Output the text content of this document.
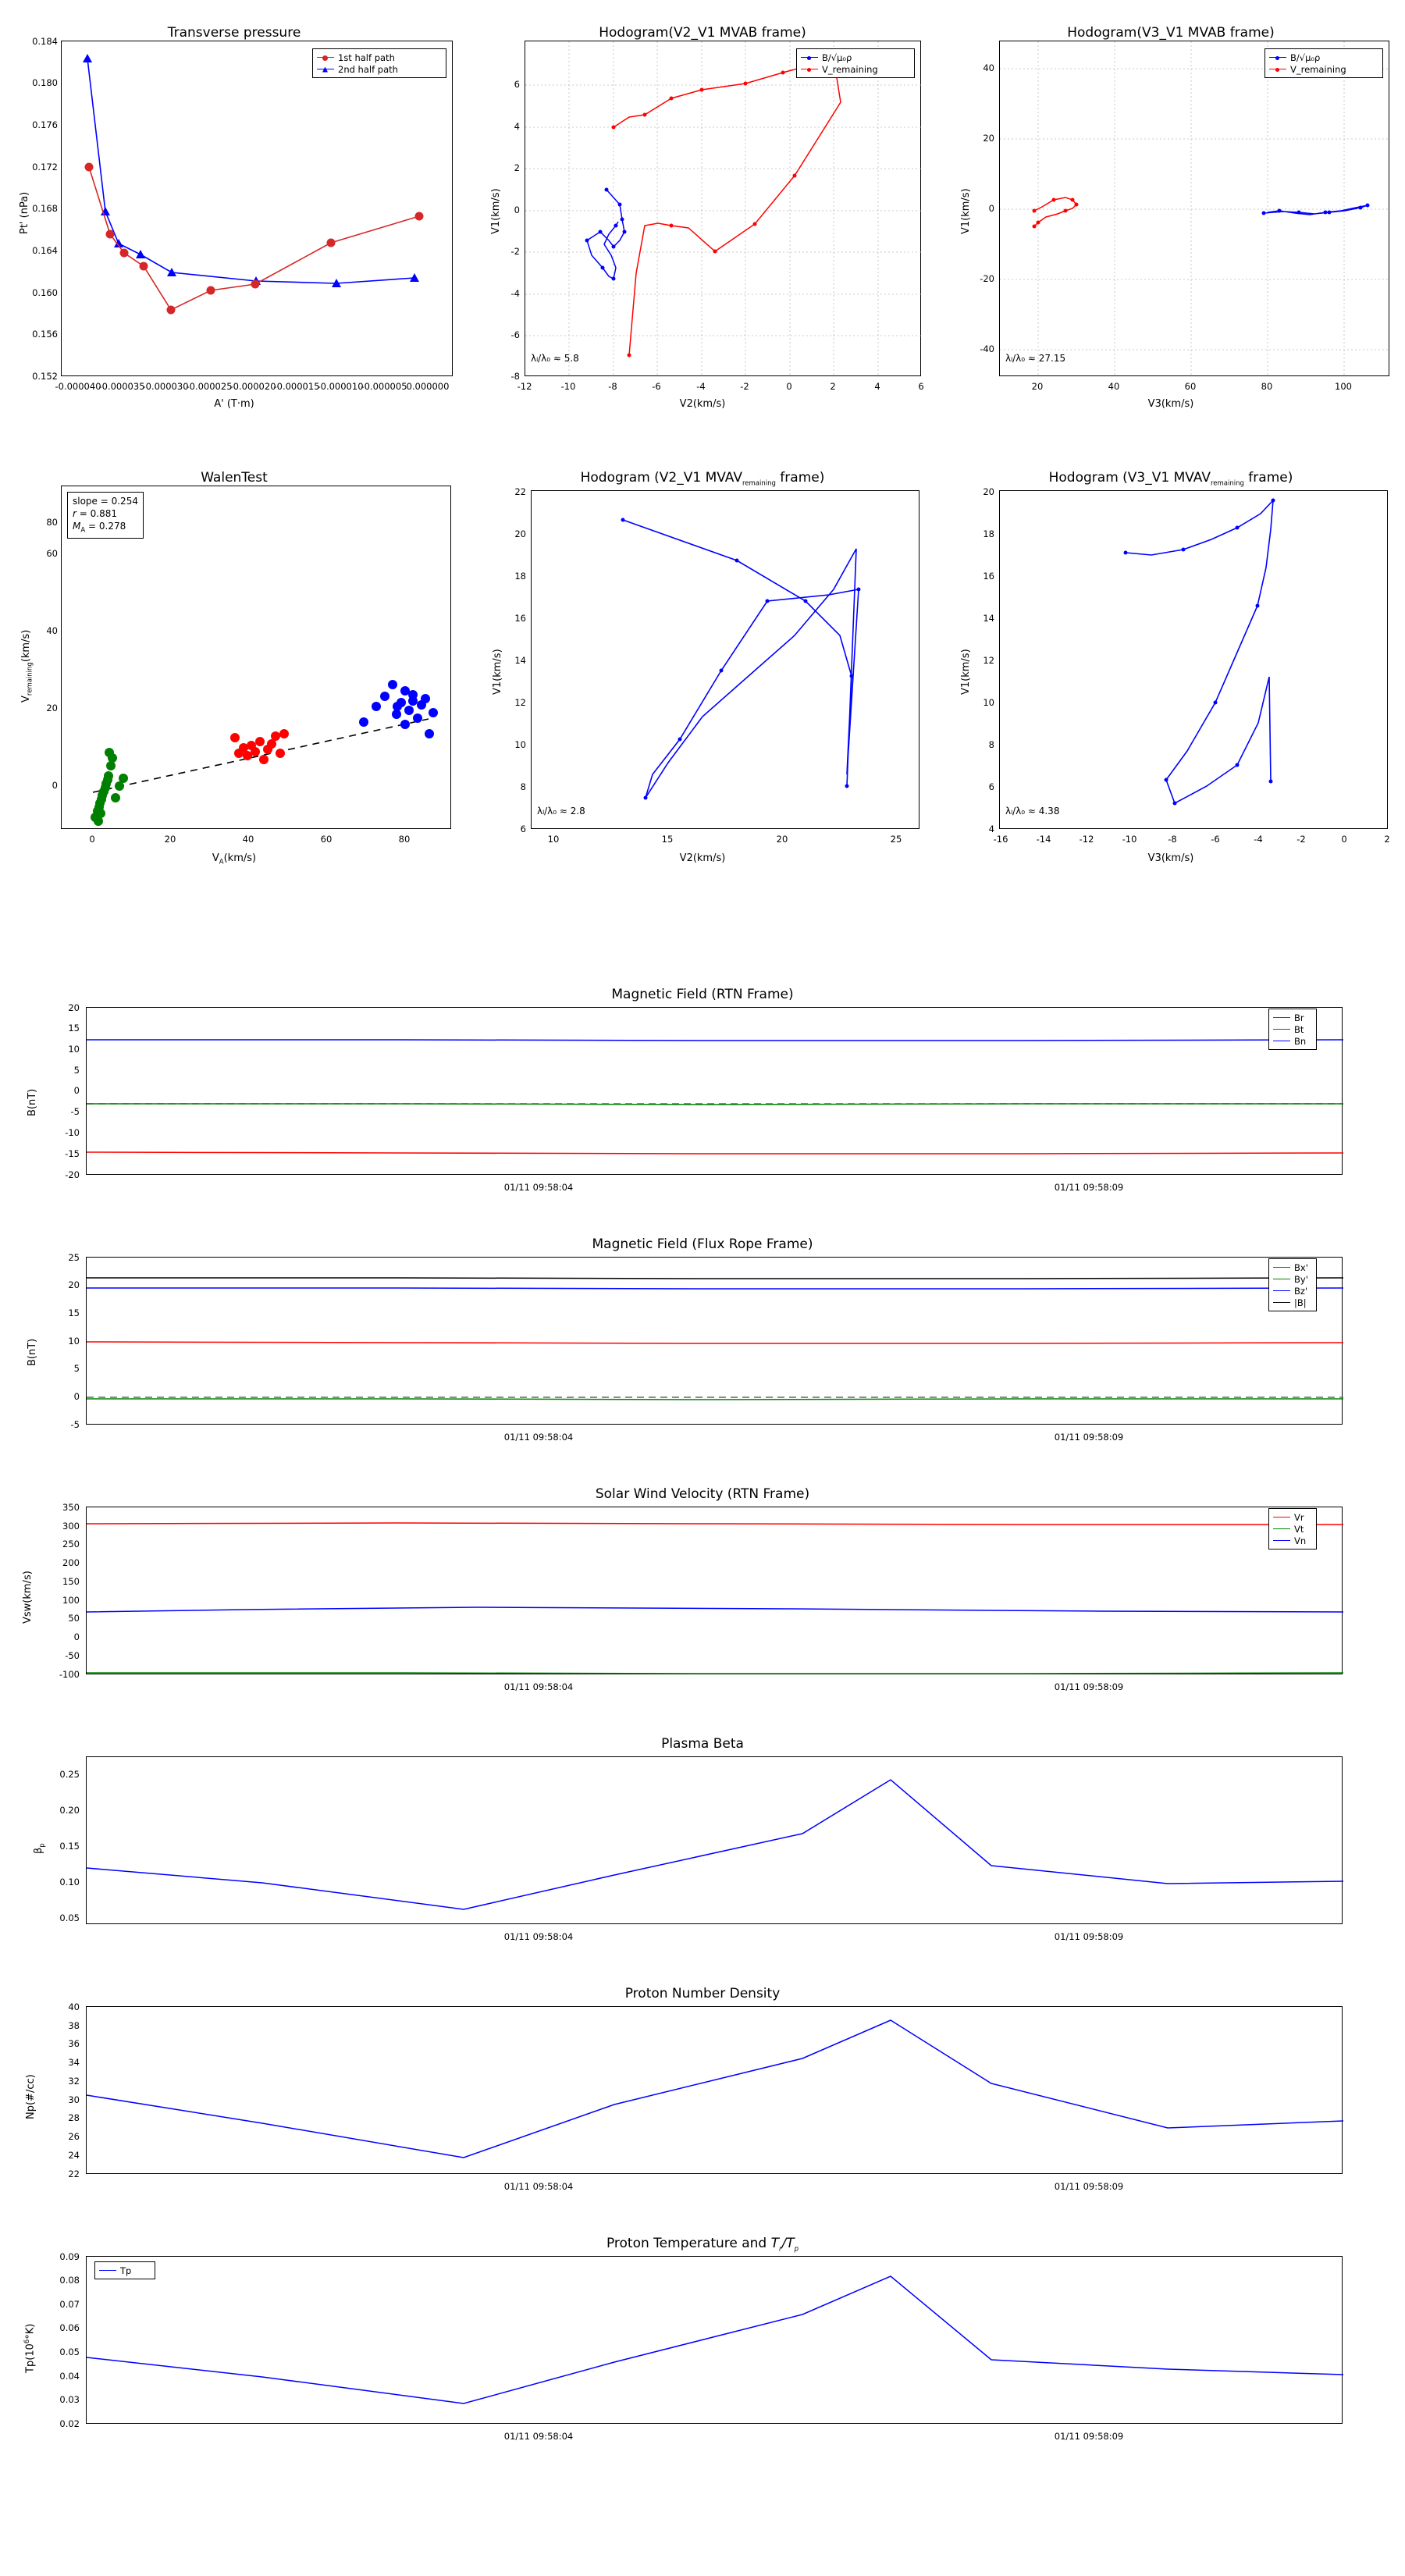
Transverse pressure
Pt' (nPa)
A' (T·m)
0.152
0.156
0.160
0.164
0.168
0.172
0.176
0.180
0.184
-0.000040
-0.000035
-0.000030
-0.000025
-0.000020
-0.000015
-0.000010
-0.000005 0.000000
1st half path
2nd half path
Hodogram(V2_V1 MVAB frame)
V1(km/s)
V2(km/s)
λₗ/λ₀ ≈ 5.8
-8
-6
-4
-2
0
2
4
6
-12	-10	-8	-6	-4	-2	0	2	4	6
B/√μ₀ρ
V_remaining
Hodogram(V3_V1 MVAB frame)
V1(km/s)
V3(km/s)
λₗ/λ₀ ≈ 27.15
-40
-20
0
20
40
20	40	60	80	100
B/√μ₀ρ
V_remaining
WalenTest
$V_{remaining}(km/s)$
$V_A(km/s)$
slope = 0.254
r = 0.881
$M_A = 0.278$
0
20
40
60
80
0	20	40	60	80
Hodogram (V2_V1 $MVAV_{remaining}$ frame)
V1(km/s)
V2(km/s)
λₗ/λ₀ ≈ 2.8
6
8
10
12
14
16
18
20
22
10	15	20	25
Hodogram (V3_V1 $MVAV_{remaining}$ frame)
V1(km/s)
V3(km/s)
λₗ/λ₀ ≈ 4.38
4
6
8
10
12
14
16
18
20
-16	-14	-12	-10	-8	-6	-4	-2	0	2
Magnetic Field (RTN Frame)
B(nT)
-20
-15
-10
-5
0
5
10
15
20
01/11 09:58:04	01/11 09:58:09
Br
Bt
Bn
Magnetic Field (Flux Rope Frame)
B(nT)
-5
0
5
10
15
20
25
01/11 09:58:04	01/11 09:58:09
Bx'
By'
Bz'
|B|
Solar Wind Velocity (RTN Frame)
Vsw(km/s)
-100
-50
0
50
100
150
200
250
300
350
01/11 09:58:04	01/11 09:58:09
Vr
Vt
Vn
Plasma Beta
$\beta_p$
0.05
0.10
0.15
0.20
0.25
01/11 09:58:04	01/11 09:58:09
Proton Number Density
Np(#/cc)
22
24
26
28
30
32
34
36
38
40
01/11 09:58:04	01/11 09:58:09
Proton Temperature and $T_r/T_p$
$Tp(10^6^\circ K)$
Tp
0.02
0.03
0.04
0.05
0.06
0.07
0.08
0.09
01/11 09:58:04	01/11 09:58:09
